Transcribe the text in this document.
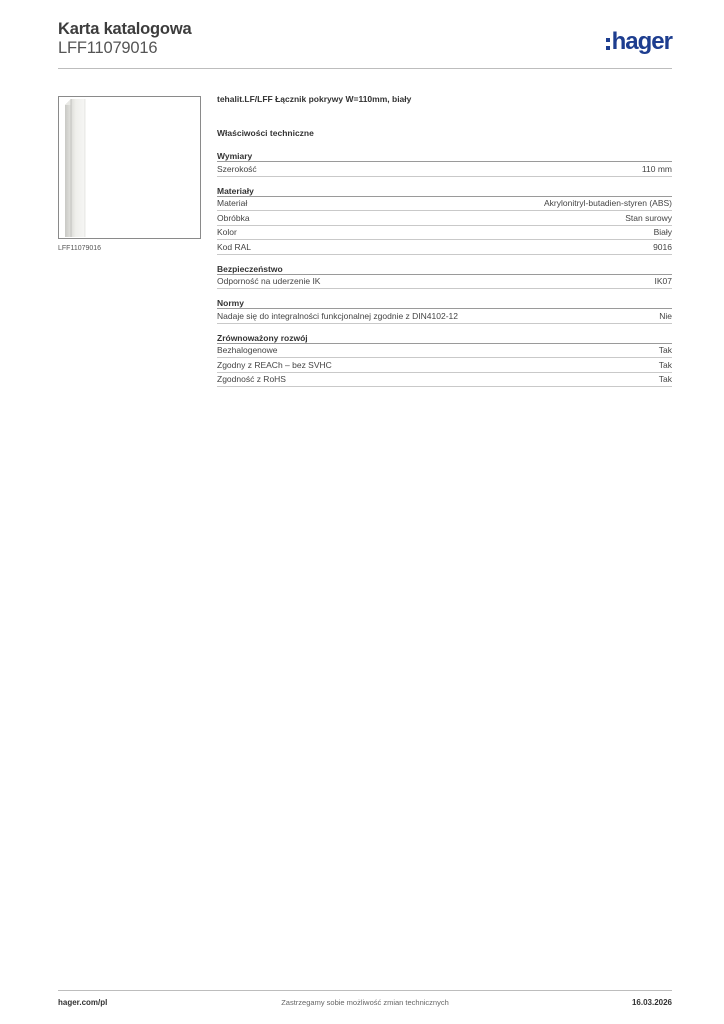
Karta katalogowa
LFF11079016	hager
LFF11079016
tehalit.LF/LFF Łącznik pokrywy W=110mm, biały
Właściwości techniczne
Wymiary
Szerokość	110 mm
Materiały
Materiał	Akrylonitryl-butadien-styren (ABS)
Obróbka	Stan surowy
Kolor	Biały
Kod RAL	9016
Bezpieczeństwo
Odporność na uderzenie IK	IK07
Normy
Nadaje się do integralności funkcjonalnej zgodnie z DIN4102-12	Nie
Zrównoważony rozwój
Bezhalogenowe	Tak
Zgodny z REACh – bez SVHC	Tak
Zgodność z RoHS	Tak
hager.com/pl	Zastrzegamy sobie możliwość zmian technicznych	16.03.2026
